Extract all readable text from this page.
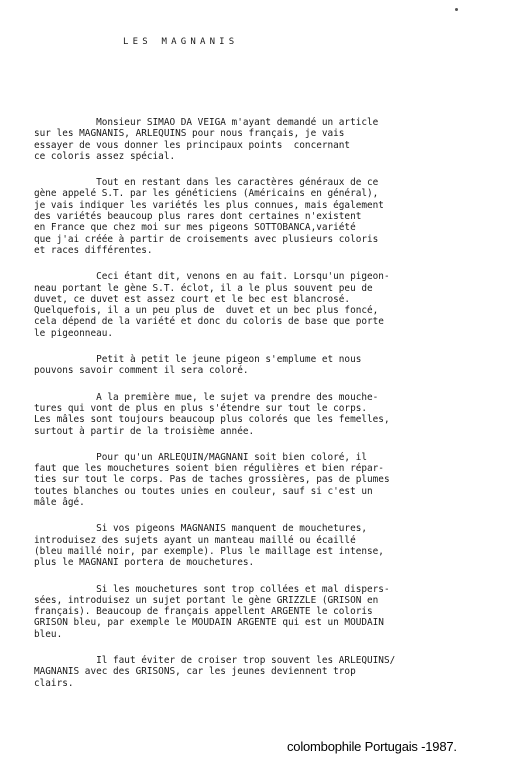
LES MAGNANIS
Monsieur SIMAO DA VEIGA m'ayant demandé un article
sur les MAGNANIS, ARLEQUINS pour nous français, je vais
essayer de vous donner les principaux points  concernant
ce coloris assez spécial.
Tout en restant dans les caractères généraux de ce
gène appelé S.T. par les généticiens (Américains en général),
je vais indiquer les variétés les plus connues, mais également
des variétés beaucoup plus rares dont certaines n'existent
en France que chez moi sur mes pigeons SOTTOBANCA,variété
que j'ai créée à partir de croisements avec plusieurs coloris
et races différentes.
Ceci étant dit, venons en au fait. Lorsqu'un pigeon-
neau portant le gène S.T. éclot, il a le plus souvent peu de
duvet, ce duvet est assez court et le bec est blancrosé.
Quelquefois, il a un peu plus de  duvet et un bec plus foncé,
cela dépend de la variété et donc du coloris de base que porte
le pigeonneau.
Petit à petit le jeune pigeon s'emplume et nous
pouvons savoir comment il sera coloré.
A la première mue, le sujet va prendre des mouche-
tures qui vont de plus en plus s'étendre sur tout le corps.
Les mâles sont toujours beaucoup plus colorés que les femelles,
surtout à partir de la troisième année.
Pour qu'un ARLEQUIN/MAGNANI soit bien coloré, il
faut que les mouchetures soient bien régulières et bien répar-
ties sur tout le corps. Pas de taches grossières, pas de plumes
toutes blanches ou toutes unies en couleur, sauf si c'est un
mâle âgé.
Si vos pigeons MAGNANIS manquent de mouchetures,
introduisez des sujets ayant un manteau maillé ou écaillé
(bleu maillé noir, par exemple). Plus le maillage est intense,
plus le MAGNANI portera de mouchetures.
Si les mouchetures sont trop collées et mal dispers-
sées, introduisez un sujet portant le gène GRIZZLE (GRISON en
français). Beaucoup de français appellent ARGENTE le coloris
GRISON bleu, par exemple le MOUDAIN ARGENTE qui est un MOUDAIN
bleu.
Il faut éviter de croiser trop souvent les ARLEQUINS/
MAGNANIS avec des GRISONS, car les jeunes deviennent trop
clairs.
colombophile Portugais -1987.
